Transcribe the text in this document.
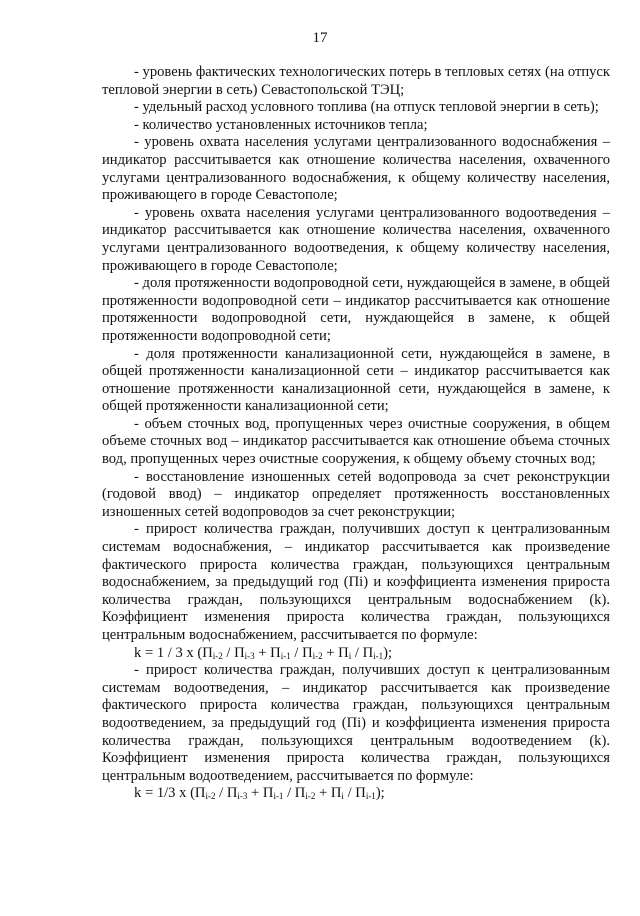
17

- уровень фактических технологических потерь в тепловых сетях (на отпуск тепловой энергии в сеть) Севастопольской ТЭЦ;

- удельный расход условного топлива (на отпуск тепловой энергии в сеть);

- количество установленных источников тепла;

- уровень охвата населения услугами централизованного водоснабжения – индикатор рассчитывается как отношение количества населения, охваченного услугами централизованного водоснабжения, к общему количеству населения, проживающего в городе Севастополе;

- уровень охвата населения услугами централизованного водоотведения – индикатор рассчитывается как отношение количества населения, охваченного услугами централизованного водоотведения, к общему количеству населения, проживающего в городе Севастополе;

- доля протяженности водопроводной сети, нуждающейся в замене, в общей протяженности водопроводной сети – индикатор рассчитывается как отношение протяженности водопроводной сети, нуждающейся в замене, к общей протяженности водопроводной сети;

- доля протяженности канализационной сети, нуждающейся в замене, в общей протяженности канализационной сети – индикатор рассчитывается как отношение протяженности канализационной сети, нуждающейся в замене, к общей протяженности канализационной сети;

- объем сточных вод, пропущенных через очистные сооружения, в общем объеме сточных вод – индикатор рассчитывается как отношение объема сточных вод, пропущенных через очистные сооружения, к общему объему сточных вод;

- восстановление изношенных сетей водопровода за счет реконструкции (годовой ввод) – индикатор определяет протяженность восстановленных изношенных сетей водопроводов за счет реконструкции;

- прирост количества граждан, получивших доступ к централизованным системам водоснабжения, – индикатор рассчитывается как произведение фактического прироста количества граждан, пользующихся центральным водоснабжением, за предыдущий год (Пi) и коэффициента изменения прироста количества граждан, пользующихся центральным водоснабжением (k). Коэффициент изменения прироста количества граждан, пользующихся центральным водоснабжением, рассчитывается по формуле:

k = 1 / 3 x $(П_{i-2} / П_{i-3} + П_{i-1} / П_{i-2} + П_i / П_{i-1})$;

- прирост количества граждан, получивших доступ к централизованным системам водоотведения, – индикатор рассчитывается как произведение фактического прироста количества граждан, пользующихся центральным водоотведением, за предыдущий год (Пi) и коэффициента изменения прироста количества граждан, пользующихся центральным водоотведением (k). Коэффициент изменения прироста количества граждан, пользующихся центральным водоотведением, рассчитывается по формуле:

k = 1/3 x $(П_{i-2} / П_{i-3} + П_{i-1} / П_{i-2} + П_i / П_{i-1})$;
